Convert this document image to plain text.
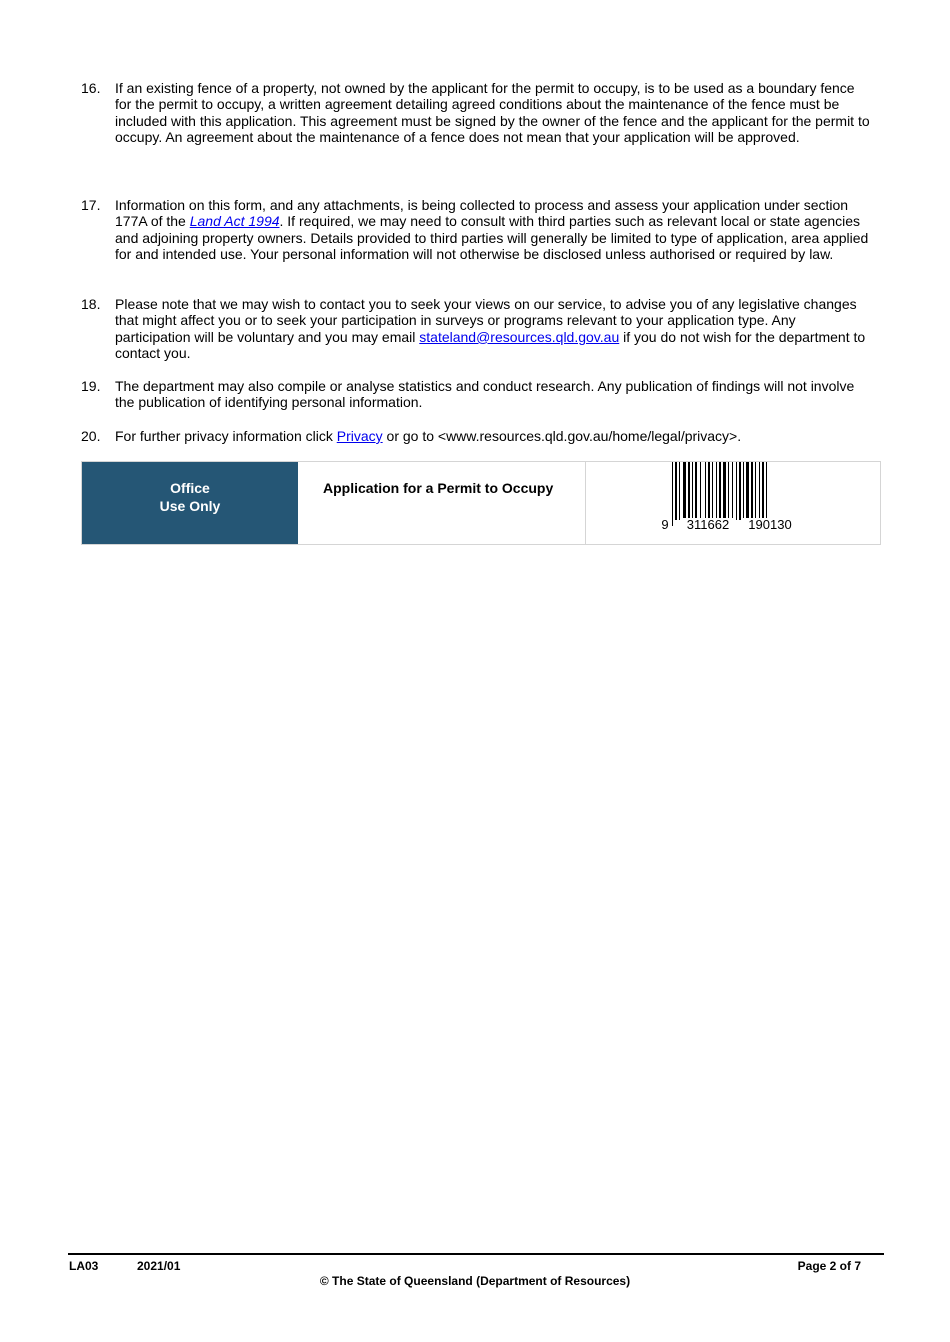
16. If an existing fence of a property, not owned by the applicant for the permit to occupy, is to be used as a boundary fence for the permit to occupy, a written agreement detailing agreed conditions about the maintenance of the fence must be included with this application. This agreement must be signed by the owner of the fence and the applicant for the permit to occupy. An agreement about the maintenance of a fence does not mean that your application will be approved.
17. Information on this form, and any attachments, is being collected to process and assess your application under section 177A of the Land Act 1994. If required, we may need to consult with third parties such as relevant local or state agencies and adjoining property owners. Details provided to third parties will generally be limited to type of application, area applied for and intended use. Your personal information will not otherwise be disclosed unless authorised or required by law.
18. Please note that we may wish to contact you to seek your views on our service, to advise you of any legislative changes that might affect you or to seek your participation in surveys or programs relevant to your application type. Any participation will be voluntary and you may email stateland@resources.qld.gov.au if you do not wish for the department to contact you.
19. The department may also compile or analyse statistics and conduct research. Any publication of findings will not involve the publication of identifying personal information.
20. For further privacy information click Privacy or go to <www.resources.qld.gov.au/home/legal/privacy>.
Office
Use Only
Application for a Permit to Occupy
9 311662 190130
LA03	2021/01	Page 2 of 7
© The State of Queensland (Department of Resources)
